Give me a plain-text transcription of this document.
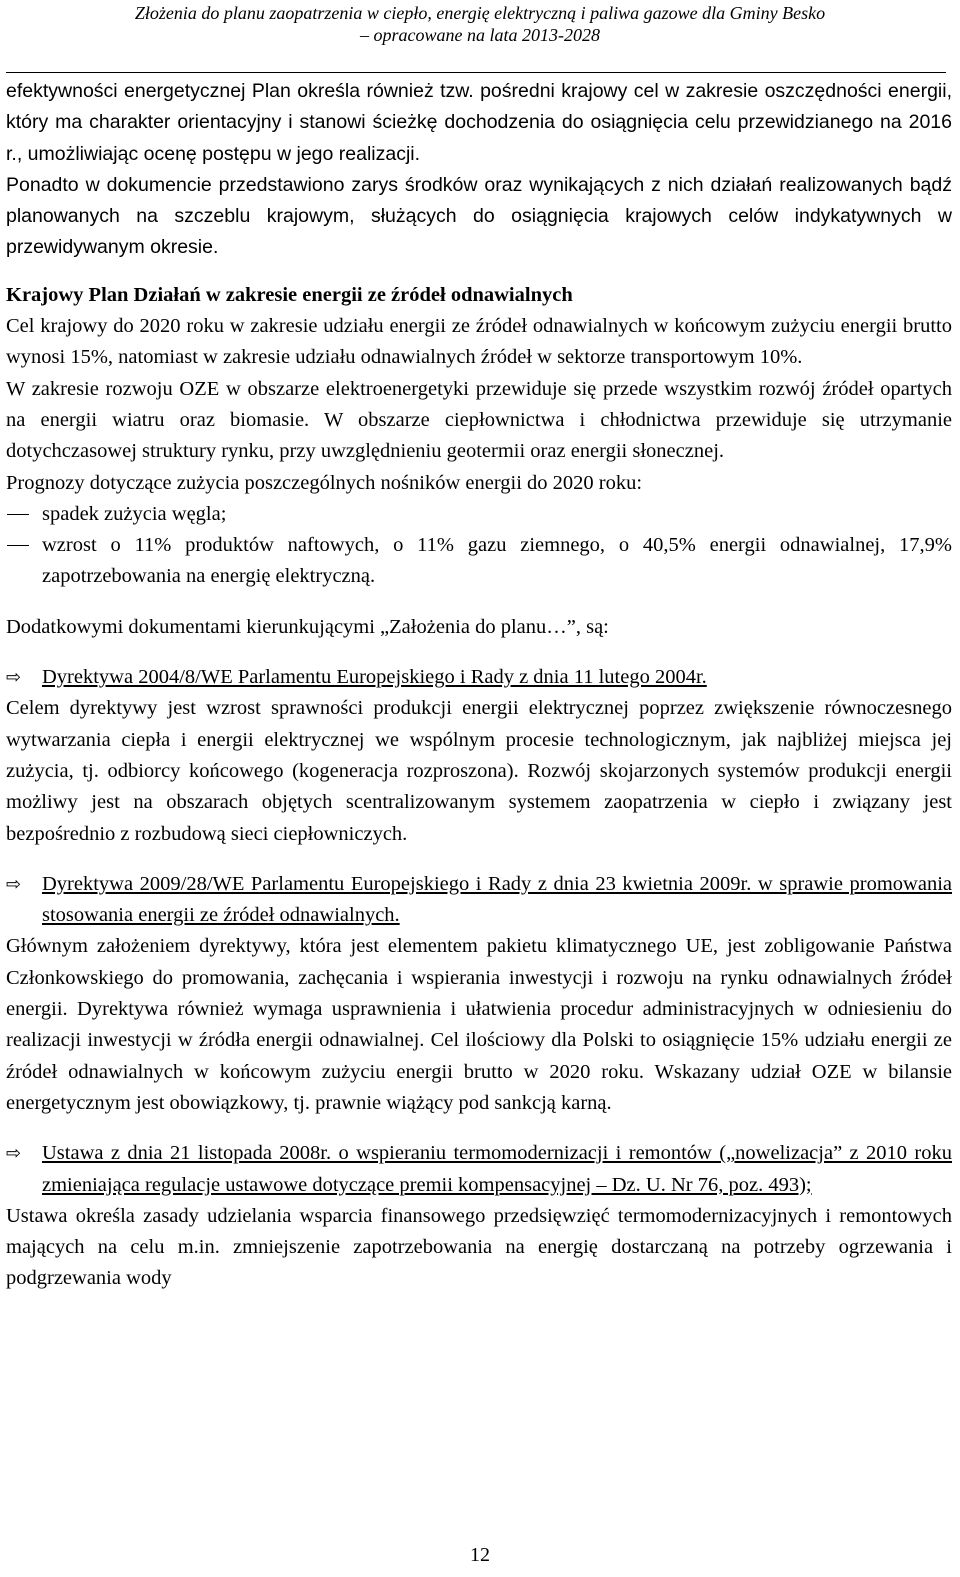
Złożenia do planu zaopatrzenia w ciepło, energię elektryczną i paliwa gazowe dla Gminy Besko
– opracowane na lata 2013-2028

efektywności energetycznej Plan określa również tzw. pośredni krajowy cel w zakresie oszczędności energii, który ma charakter orientacyjny i stanowi ścieżkę dochodzenia do osiągnięcia celu przewidzianego na 2016 r., umożliwiając ocenę postępu w jego realizacji.

Ponadto w dokumencie przedstawiono zarys środków oraz wynikających z nich działań realizowanych bądź planowanych na szczeblu krajowym, służących do osiągnięcia krajowych celów indykatywnych w przewidywanym okresie.

Krajowy Plan Działań w zakresie energii ze źródeł odnawialnych

Cel krajowy do 2020 roku w zakresie udziału energii ze źródeł odnawialnych w końcowym zużyciu energii brutto wynosi 15%, natomiast w zakresie udziału odnawialnych źródeł w sektorze transportowym 10%.

W zakresie rozwoju OZE w obszarze elektroenergetyki przewiduje się przede wszystkim rozwój źródeł opartych na energii wiatru oraz biomasie. W obszarze ciepłownictwa i chłodnictwa przewiduje się utrzymanie dotychczasowej struktury rynku, przy uwzględnieniu geotermii oraz energii słonecznej.

Prognozy dotyczące zużycia poszczególnych nośników energii do 2020 roku:

spadek zużycia węgla;
wzrost o 11% produktów naftowych, o 11% gazu ziemnego, o 40,5% energii odnawialnej, 17,9% zapotrzebowania na energię elektryczną.

Dodatkowymi dokumentami kierunkującymi „Założenia do planu…”, są:

⇨ Dyrektywa 2004/8/WE Parlamentu Europejskiego i Rady z dnia 11 lutego 2004r.

Celem dyrektywy jest wzrost sprawności produkcji energii elektrycznej poprzez zwiększenie równoczesnego wytwarzania ciepła i energii elektrycznej we wspólnym procesie technologicznym, jak najbliżej miejsca jej zużycia, tj. odbiorcy końcowego (kogeneracja rozproszona). Rozwój skojarzonych systemów produkcji energii możliwy jest na obszarach objętych scentralizowanym systemem zaopatrzenia w ciepło i związany jest bezpośrednio z rozbudową sieci ciepłowniczych.

⇨ Dyrektywa 2009/28/WE Parlamentu Europejskiego i Rady z dnia 23 kwietnia 2009r. w sprawie promowania stosowania energii ze źródeł odnawialnych.

Głównym założeniem dyrektywy, która jest elementem pakietu klimatycznego UE, jest zobligowanie Państwa Członkowskiego do promowania, zachęcania i wspierania inwestycji i rozwoju na rynku odnawialnych źródeł energii. Dyrektywa również wymaga usprawnienia i ułatwienia procedur administracyjnych w odniesieniu do realizacji inwestycji w źródła energii odnawialnej. Cel ilościowy dla Polski to osiągnięcie 15% udziału energii ze źródeł odnawialnych w końcowym zużyciu energii brutto w 2020 roku. Wskazany udział OZE w bilansie energetycznym jest obowiązkowy, tj. prawnie wiążący pod sankcją karną.

⇨ Ustawa z dnia 21 listopada 2008r. o wspieraniu termomodernizacji i remontów („nowelizacja” z 2010 roku zmieniająca regulacje ustawowe dotyczące premii kompensacyjnej – Dz. U. Nr 76, poz. 493);

Ustawa określa zasady udzielania wsparcia finansowego przedsięwzięć termomodernizacyjnych i remontowych mających na celu m.in. zmniejszenie zapotrzebowania na energię dostarczaną na potrzeby ogrzewania i podgrzewania wody

12
